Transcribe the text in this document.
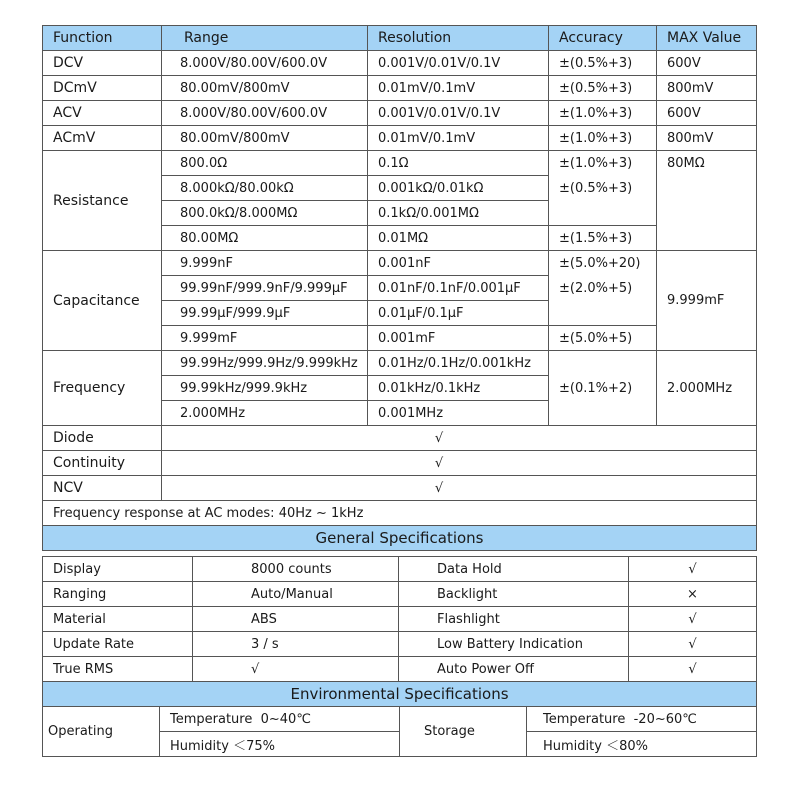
Function	Range	Resolution	Accuracy	MAX Value
DCV	8.000V/80.00V/600.0V	0.001V/0.01V/0.1V	±(0.5%+3)	600V
DCmV	80.00mV/800mV	0.01mV/0.1mV	±(0.5%+3)	800mV
ACV	8.000V/80.00V/600.0V	0.001V/0.01V/0.1V	±(1.0%+3)	600V
ACmV	80.00mV/800mV	0.01mV/0.1mV	±(1.0%+3)	800mV
Resistance	800.0Ω	0.1Ω	±(1.0%+3)	80MΩ
	8.000kΩ/80.00kΩ	0.001kΩ/0.01kΩ	±(0.5%+3)	
	800.0kΩ/8.000MΩ	0.1kΩ/0.001MΩ		
	80.00MΩ	0.01MΩ	±(1.5%+3)	
Capacitance	9.999nF	0.001nF	±(5.0%+20)	9.999mF
	99.99nF/999.9nF/9.999μF	0.01nF/0.1nF/0.001μF	±(2.0%+5)	
	99.99μF/999.9μF	0.01μF/0.1μF		
	9.999mF	0.001mF	±(5.0%+5)	
Frequency	99.99Hz/999.9Hz/9.999kHz	0.01Hz/0.1Hz/0.001kHz	±(0.1%+2)	2.000MHz
	99.99kHz/999.9kHz	0.01kHz/0.1kHz		
	2.000MHz	0.001MHz		
Diode	√			
Continuity	√			
NCV	√			
Frequency response at AC modes: 40Hz ~ 1kHz				
General Specifications				
Display	8000 counts	Data Hold	√
Ranging	Auto/Manual	Backlight	×
Material	ABS	Flashlight	√
Update Rate	3 / s	Low Battery Indication	√
True RMS	√	Auto Power Off	√
Environmental Specifications			
Operating	Temperature  0~40℃	Storage	Temperature  -20~60℃
	Humidity ＜75%		Humidity ＜80%
